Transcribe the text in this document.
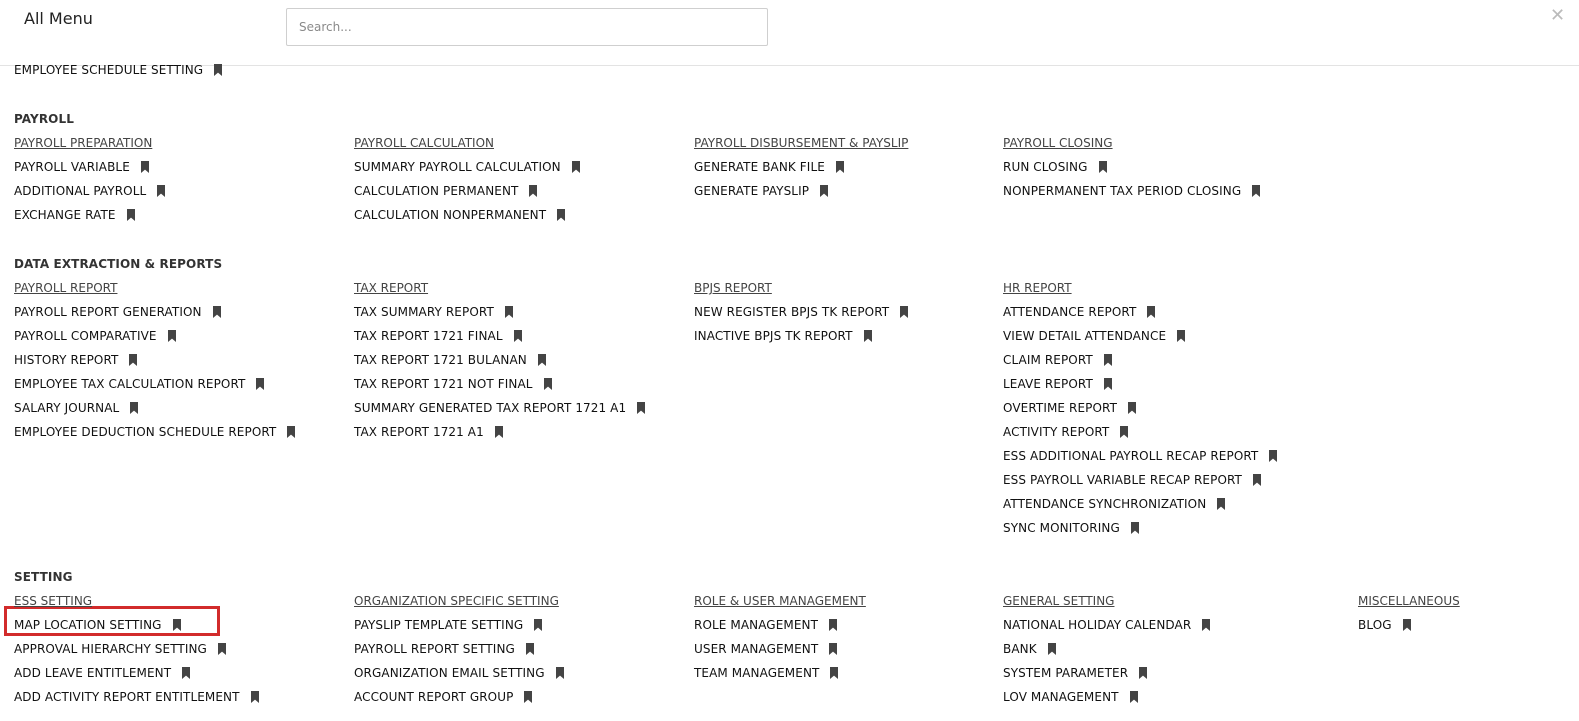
All Menu
Search...	✕
EMPLOYEE SCHEDULE SETTING
PAYROLL
PAYROLL PREPARATION
PAYROLL VARIABLE
ADDITIONAL PAYROLL
EXCHANGE RATE
PAYROLL CALCULATION
SUMMARY PAYROLL CALCULATION
CALCULATION PERMANENT
CALCULATION NONPERMANENT
PAYROLL DISBURSEMENT & PAYSLIP
GENERATE BANK FILE
GENERATE PAYSLIP
PAYROLL CLOSING
RUN CLOSING
NONPERMANENT TAX PERIOD CLOSING
DATA EXTRACTION & REPORTS
PAYROLL REPORT
PAYROLL REPORT GENERATION
PAYROLL COMPARATIVE
HISTORY REPORT
EMPLOYEE TAX CALCULATION REPORT
SALARY JOURNAL
EMPLOYEE DEDUCTION SCHEDULE REPORT
TAX REPORT
TAX SUMMARY REPORT
TAX REPORT 1721 FINAL
TAX REPORT 1721 BULANAN
TAX REPORT 1721 NOT FINAL
SUMMARY GENERATED TAX REPORT 1721 A1
TAX REPORT 1721 A1
BPJS REPORT
NEW REGISTER BPJS TK REPORT
INACTIVE BPJS TK REPORT
HR REPORT
ATTENDANCE REPORT
VIEW DETAIL ATTENDANCE
CLAIM REPORT
LEAVE REPORT
OVERTIME REPORT
ACTIVITY REPORT
ESS ADDITIONAL PAYROLL RECAP REPORT
ESS PAYROLL VARIABLE RECAP REPORT
ATTENDANCE SYNCHRONIZATION
SYNC MONITORING
SETTING
ESS SETTING
MAP LOCATION SETTING
APPROVAL HIERARCHY SETTING
ADD LEAVE ENTITLEMENT
ADD ACTIVITY REPORT ENTITLEMENT
ORGANIZATION SPECIFIC SETTING
PAYSLIP TEMPLATE SETTING
PAYROLL REPORT SETTING
ORGANIZATION EMAIL SETTING
ACCOUNT REPORT GROUP
ROLE & USER MANAGEMENT
ROLE MANAGEMENT
USER MANAGEMENT
TEAM MANAGEMENT
GENERAL SETTING
NATIONAL HOLIDAY CALENDAR
BANK
SYSTEM PARAMETER
LOV MANAGEMENT
MISCELLANEOUS
BLOG
